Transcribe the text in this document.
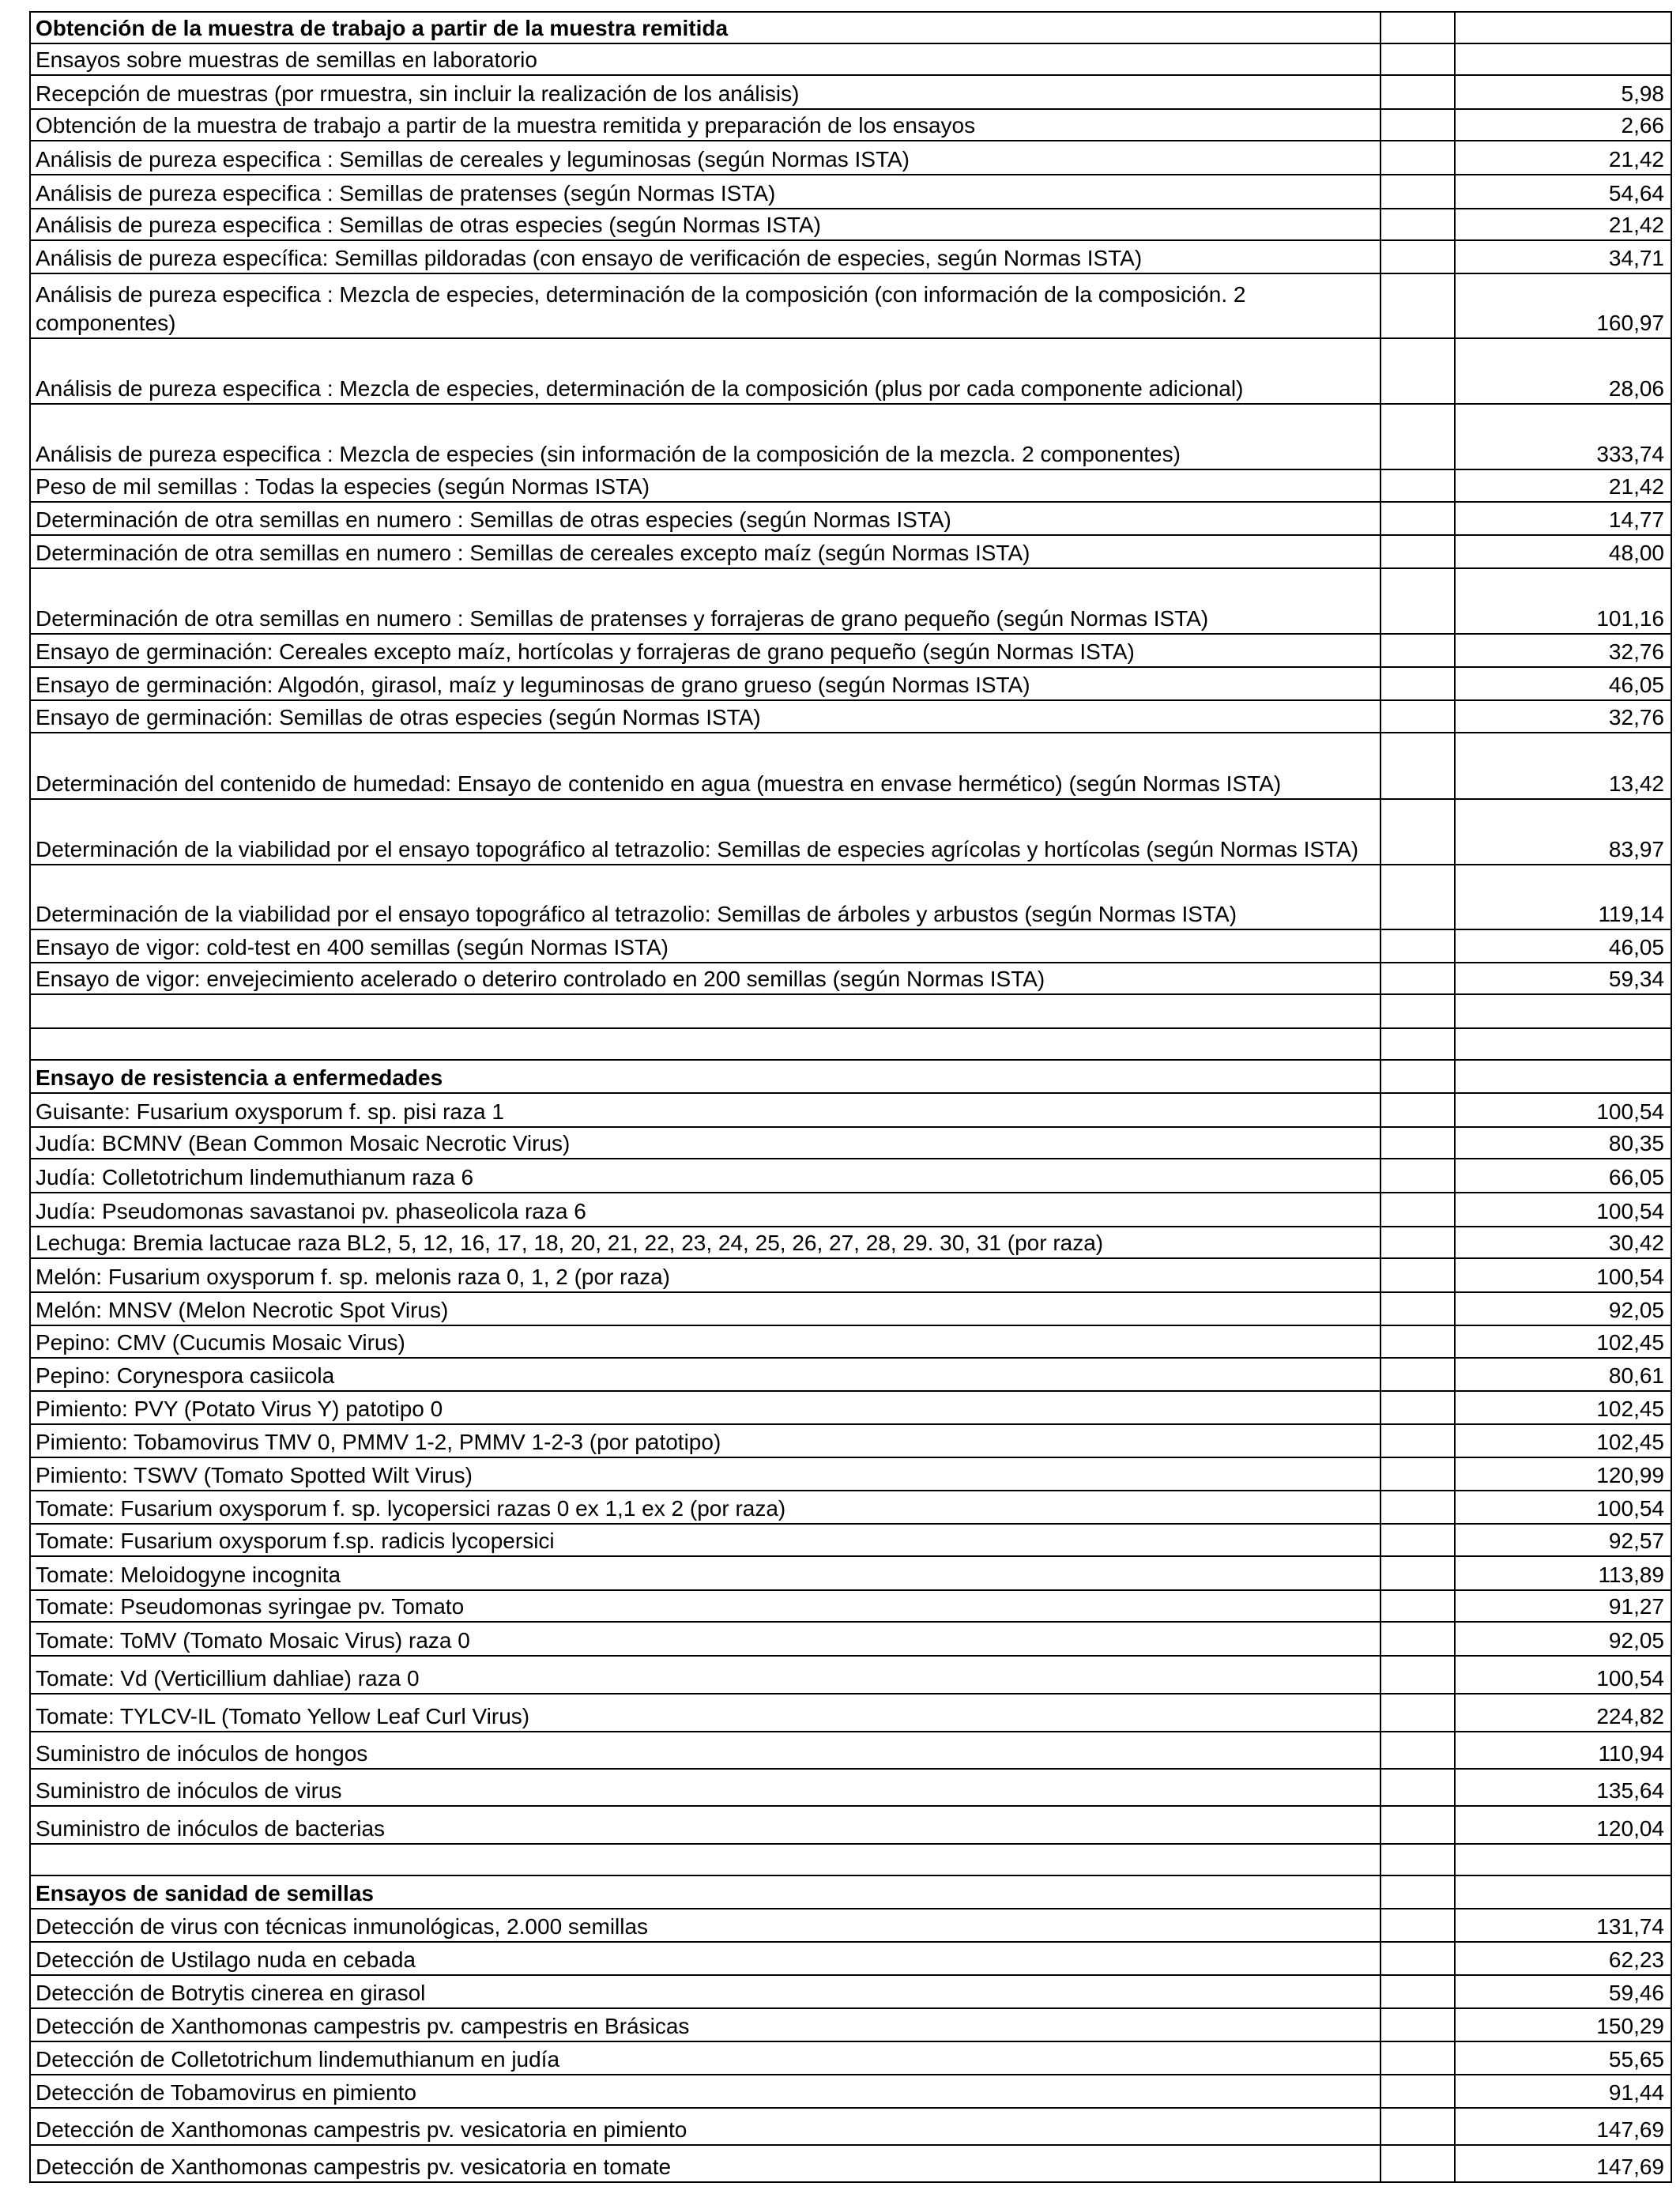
Obtención de la muestra de trabajo a partir de la muestra remitida		
Ensayos sobre muestras de semillas en laboratorio		
Recepción de muestras (por rmuestra, sin incluir la realización de los análisis)		5,98
Obtención de la muestra de trabajo a partir de la muestra remitida y preparación de los ensayos		2,66
Análisis de pureza especifica : Semillas de cereales y leguminosas (según Normas ISTA)		21,42
Análisis de pureza especifica : Semillas de pratenses (según Normas ISTA)		54,64
Análisis de pureza especifica : Semillas de otras especies (según Normas ISTA)		21,42
Análisis de pureza específica: Semillas pildoradas (con ensayo de verificación de especies, según Normas ISTA)		34,71
Análisis de pureza especifica : Mezcla de especies, determinación de la composición (con información de la composición. 2 componentes)		160,97
Análisis de pureza especifica : Mezcla de especies, determinación de la composición (plus por cada componente adicional)		28,06
Análisis de pureza especifica : Mezcla de especies (sin información de la composición de la mezcla. 2 componentes)		333,74
Peso de mil semillas : Todas la especies (según Normas ISTA)		21,42
Determinación de otra semillas en numero : Semillas de otras especies (según Normas ISTA)		14,77
Determinación de otra semillas en numero : Semillas de cereales excepto maíz (según Normas ISTA)		48,00
Determinación de otra semillas en numero : Semillas de pratenses y forrajeras de grano pequeño (según Normas ISTA)		101,16
Ensayo de germinación: Cereales excepto maíz, hortícolas y forrajeras de grano pequeño (según Normas ISTA)		32,76
Ensayo de germinación: Algodón, girasol, maíz y leguminosas de grano grueso (según Normas ISTA)		46,05
Ensayo de germinación: Semillas de otras especies (según Normas ISTA)		32,76
Determinación del contenido de humedad: Ensayo de contenido en agua (muestra en envase hermético) (según Normas ISTA)		13,42
Determinación de la viabilidad por el ensayo topográfico al tetrazolio: Semillas de especies agrícolas y hortícolas (según Normas ISTA)		83,97
Determinación de la viabilidad por el ensayo topográfico al tetrazolio: Semillas de árboles y arbustos (según Normas ISTA)		119,14
Ensayo de vigor: cold-test en 400 semillas (según Normas ISTA)		46,05
Ensayo de vigor: envejecimiento acelerado o deteriro controlado en 200 semillas (según Normas ISTA)		59,34

Ensayo de resistencia a enfermedades		
Guisante: Fusarium oxysporum f. sp. pisi raza 1		100,54
Judía: BCMNV (Bean Common Mosaic Necrotic Virus)		80,35
Judía: Colletotrichum lindemuthianum raza 6		66,05
Judía: Pseudomonas savastanoi pv. phaseolicola raza 6		100,54
Lechuga: Bremia lactucae raza BL2, 5, 12, 16, 17, 18, 20, 21, 22, 23, 24, 25, 26, 27, 28, 29. 30, 31 (por raza)		30,42
Melón: Fusarium oxysporum f. sp. melonis raza 0, 1, 2 (por raza)		100,54
Melón: MNSV (Melon Necrotic Spot Virus)		92,05
Pepino: CMV (Cucumis Mosaic Virus)		102,45
Pepino: Corynespora casiicola		80,61
Pimiento: PVY (Potato Virus Y) patotipo 0		102,45
Pimiento: Tobamovirus TMV 0, PMMV 1-2, PMMV 1-2-3 (por patotipo)		102,45
Pimiento: TSWV (Tomato Spotted Wilt Virus)		120,99
Tomate: Fusarium oxysporum f. sp. lycopersici razas 0 ex 1,1 ex 2 (por raza)		100,54
Tomate: Fusarium oxysporum f.sp. radicis lycopersici		92,57
Tomate: Meloidogyne incognita		113,89
Tomate: Pseudomonas syringae pv. Tomato		91,27
Tomate: ToMV (Tomato Mosaic Virus) raza 0		92,05
Tomate: Vd (Verticillium dahliae) raza 0		100,54
Tomate: TYLCV-IL (Tomato Yellow Leaf Curl Virus)		224,82
Suministro de inóculos de hongos		110,94
Suministro de inóculos de virus		135,64
Suministro de inóculos de bacterias		120,04

Ensayos de sanidad de semillas		
Detección de virus con técnicas inmunológicas, 2.000 semillas		131,74
Detección de Ustilago nuda en cebada		62,23
Detección de Botrytis cinerea en girasol		59,46
Detección de Xanthomonas campestris pv. campestris en Brásicas		150,29
Detección de Colletotrichum lindemuthianum en judía		55,65
Detección de Tobamovirus en pimiento		91,44
Detección de Xanthomonas campestris pv. vesicatoria en pimiento		147,69
Detección de Xanthomonas campestris pv. vesicatoria en tomate		147,69
